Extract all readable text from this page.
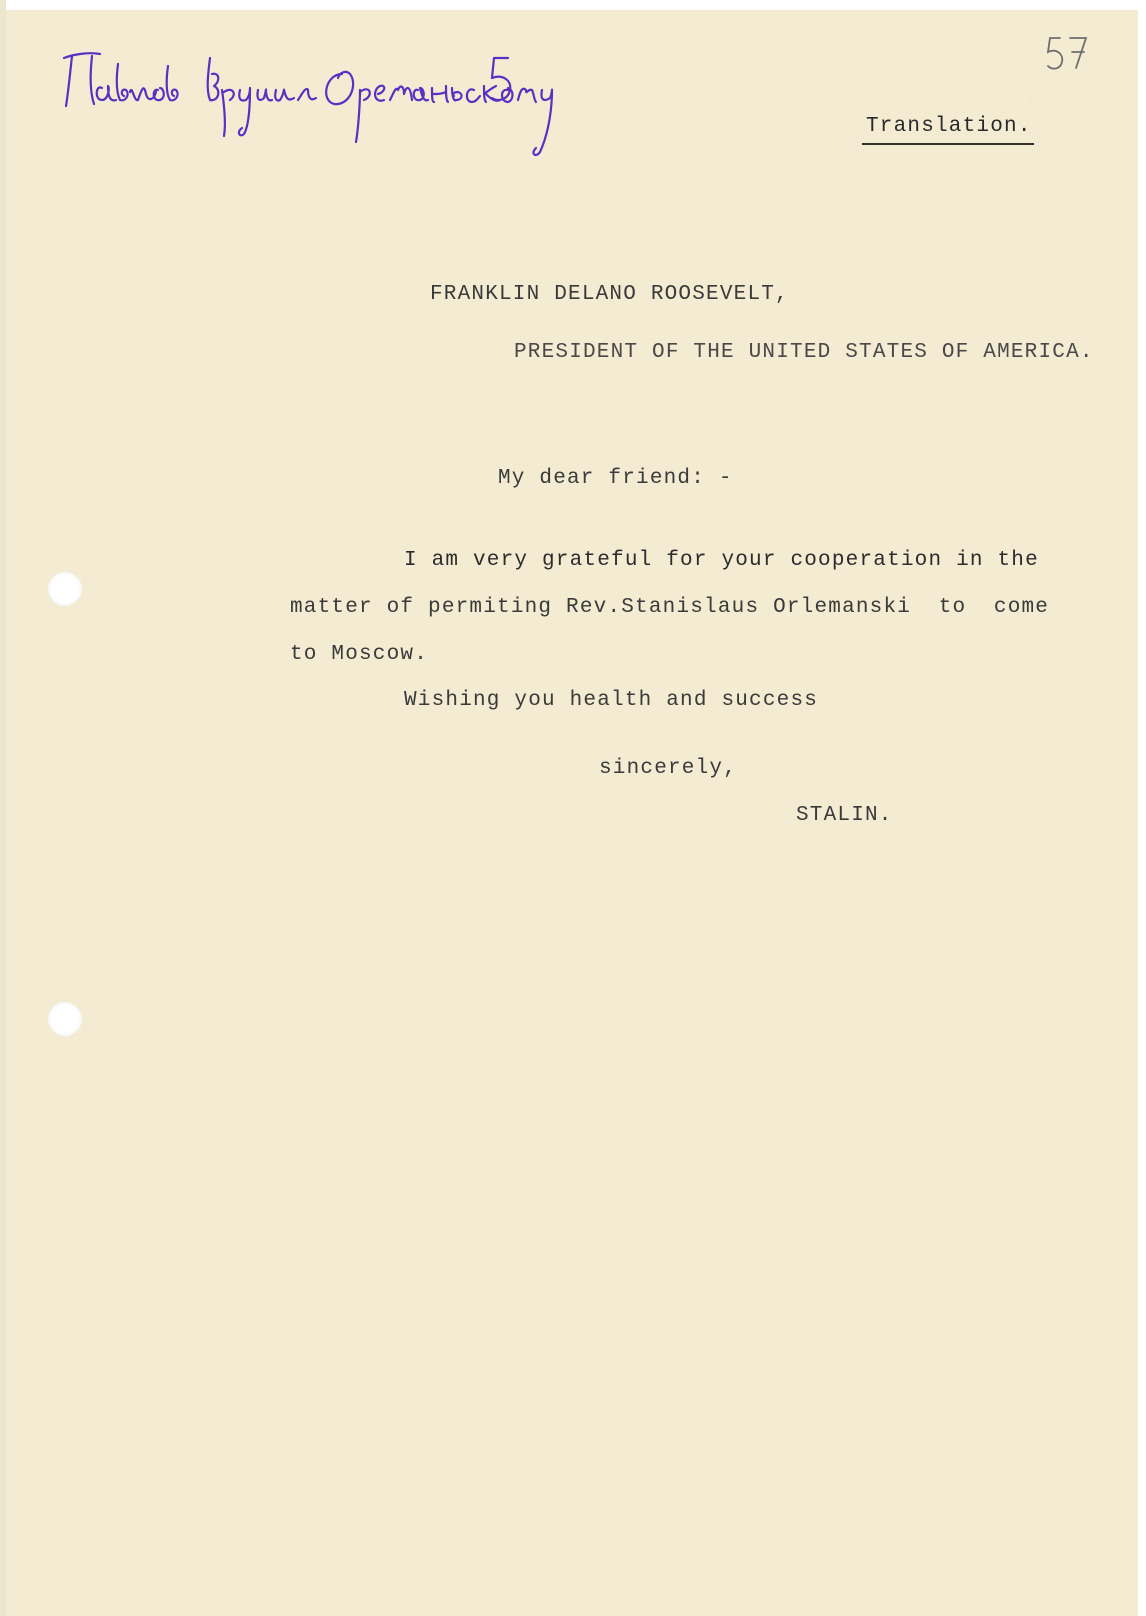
Translation.
FRANKLIN DELANO ROOSEVELT,
PRESIDENT OF THE UNITED STATES OF AMERICA.
My dear friend: -
I am very grateful for your cooperation in the
matter of permiting Rev.Stanislaus Orlemanski  to  come
to Moscow.
Wishing you health and success
sincerely,
STALIN.
